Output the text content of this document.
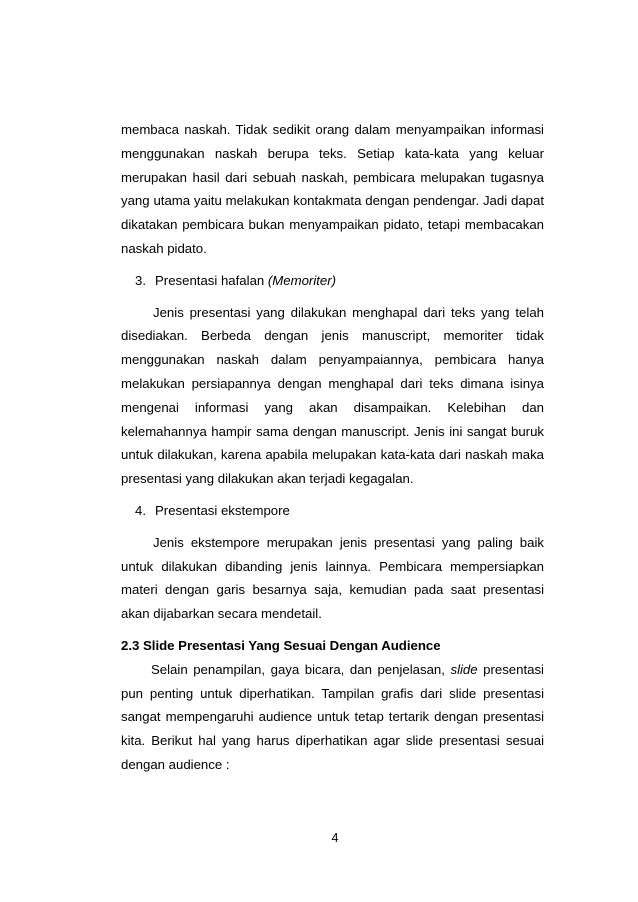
membaca naskah. Tidak sedikit orang dalam menyampaikan informasi menggunakan naskah berupa teks. Setiap kata-kata yang keluar merupakan hasil dari sebuah naskah, pembicara melupakan tugasnya yang utama yaitu melakukan kontakmata dengan pendengar. Jadi dapat dikatakan pembicara bukan menyampaikan pidato, tetapi membacakan naskah pidato.

3. Presentasi hafalan (Memoriter)

Jenis presentasi yang dilakukan menghapal dari teks yang telah disediakan. Berbeda dengan jenis manuscript, memoriter tidak menggunakan naskah dalam penyampaiannya, pembicara hanya melakukan persiapannya dengan menghapal dari teks dimana isinya mengenai informasi yang akan disampaikan. Kelebihan dan kelemahannya hampir sama dengan manuscript. Jenis ini sangat buruk untuk dilakukan, karena apabila melupakan kata-kata dari naskah maka presentasi yang dilakukan akan terjadi kegagalan.

4. Presentasi ekstempore

Jenis ekstempore merupakan jenis presentasi yang paling baik untuk dilakukan dibanding jenis lainnya. Pembicara mempersiapkan materi dengan garis besarnya saja, kemudian pada saat presentasi akan dijabarkan secara mendetail.

2.3 Slide Presentasi Yang Sesuai Dengan Audience

Selain penampilan, gaya bicara, dan penjelasan, slide presentasi pun penting untuk diperhatikan. Tampilan grafis dari slide presentasi sangat mempengaruhi audience untuk tetap tertarik dengan presentasi kita. Berikut hal yang harus diperhatikan agar slide presentasi sesuai dengan audience :

4
